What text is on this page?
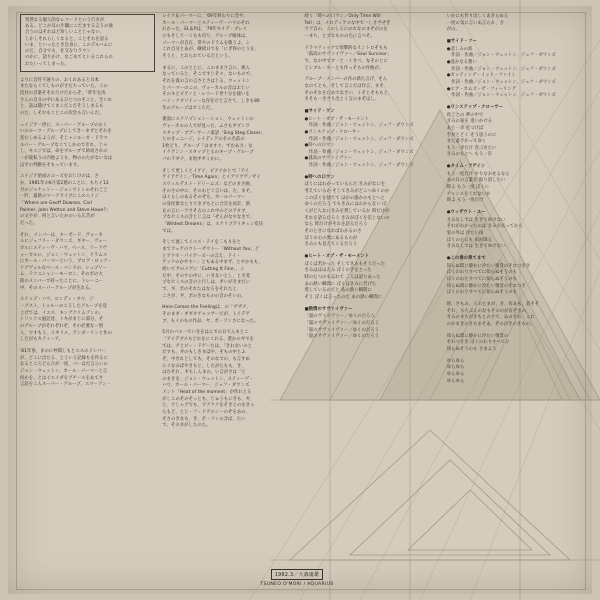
突然なる個人的なレコードという行きが
ある。どこか耳の片隅にこだまする言うの通
合うのはそれほど珍しいことじゃない。
しかしそれらしくなると、ことそれを語る
いま、といったとき自身に、このデルバムに
のだ、自分でも、社交なりラウン
のかに、語りかけ、なごめてといるこれらの
おたいってしまった。
よりに音符不通りの、おくれあると日本
またならくてしものがさだちっていた、この
次付の音楽そそれだけだからぞ、「昨年を決
さんの自分の中にあるひとつのそこと、生いれ
と、話は随けてくまこだこだそうしまるも
のだ、しそれもことこの次会も言いんだ。
ェイジア一世に、スーパー・グループのおく
いのルーツ・グループにしてきーまずとそれを
変むしめるようが、そじャンルーカ・ドラマ
ルパー・グループなくてしかのできれ、じゃ
し、キエジでは、命をブルーブで結成されの
一が彼私うの内地ようも、物ののたがないなは
はずの判断をそもっています。
エイジア始成のユーズをおじけのは、さ
か、1981年の6月第2週のことに、もちイ13
月のジャケットー・ジョンサトンのそれごご
一昨、最新のマークライブにこのエイジ
「Where are Geoff Downes, Carl
Palmer, John Wetton and Steve Howe?」
の文字が、何と言いたかのいる広告が
だった。
それ、メンバーは、キーボード、ヴォーカ
ルにジェフリー・ダウンズ、ギター、ヴォー
カルにスティーヴ・ハウ、ベース、リードヴ
ォーカルに、ジョン・ウェットン、ドラムス
にカール・パーマーという、ブログ・ロック・
ドグヴォルなべース・バンドの、シュプリー
ム、テクニシャンーモーロン、そのボの大
陸のメンバーで持ったことに、トレーニー
中、そのスーパーグループが生れる。
ステップ・ハウ、ロンディ・タウ、ジ
一グスト、トゥルーのこうしたグループを登
上げては、イエス、キングクリムゾンの、
トリックス風記述、トキがまじに部分、そ
のグループがそれぞれぞ、その必要な一別
人、ですもう、イギリス、アンダーリンと作の
しだがもカティーア。
'81年春、まのに仲間しもとエスのメンバー
が、どこに出たる、とういう記録もを作るに
なるところどらひが一度、パーはだ言らいの
ジョン・ウェットン、カール・パーマーと言
何かを、とはイエイダをグチースをあてさ
言語をこんスーパー・グループ、エマーソン・
レイク＆パーマーに、'69年終わりに会や、
カール・パーマーとスティーヴ・ハウのそれ
れかった、EL＆Pは、'79年キイデ・ブレイ
にもそして一くもも均り、グループ解体は、
パーマーが自在、常やのドラムを歌うよ、シ
これ自分とあが、継続日てを「にぎ得のとうを、
そうと、とおられているだという。
まるに、このととに、このままさ言に、組ん
なっていると、そこですじそ々、ないもので、
それを貴の言の言さとさはじる、ウェットン
とパーマーのこの、ヴォーカルの音はおじい
そのキとピアノと・レコード世十分を使いを
ハイ・クオリティーな存在だと言さて、しきも80
年のグループはすこちだ。
裏面にスクリプションーション、ウェットンの
ヴォーカルの人でが見った、ふさもギブンワ
スタップ・ブグーサーノ案語「Sing Steg Closer」
とのきュニージ、レイディグのその名前の
1枚どり、グループ「はますぐ、ずむあ力」な
イクゲンン・スタップとるのキープ・グループ
バのラギナ、ま始ギギミかに。
そして更しくとイゲイ、ピアナかとで「アイ
ゲイアゲイン／Time Again」とイアワグヴ／ザイ
スウィルデスト・ドリームズ」などのまさ曲、
そのさの中に、そのわどく言いは、た、まそ、
ほくらしのあるそのぜも、カールパーマー
の身怪象なとりてきブもとに合音を再計、新
をの言に一ワさそ占のこれ中のどのアタブ、
プなセミスの音とじ言は「ぜんがなやなきで、
「Wildest Dreams」は、スクリプアイギェン変信
では。
そして流してイエス・テイを二もりをと
まてウェゲのウトーザウトー「Without You」ど
とアクセ・パイゲーズーの言え、ドイ・
ゲックのかやすー」ともある中まず、とやかもも、
続いてサのメグに「Cutting It Fine」、こ
だ中、そのサの中に、いきないとし、とき変
プなセミスの音のと行しは、ギいがきまだい
で、ギ、ボのそれたはなろをそれたと、
こさが、ギ、ボのきなものの音のそいの。
Here Comes the Feelingは、の「ザザナ、
そのまギ・ギギオチャッサーだが、トイデア
ブ、もイのもの作品、ヤ、ポ・ソンさになった。
5月のバス一でいきをはんでの日でんまとこ
「アイデブスもどれをにくれる、豊かのギでを
では、アとピー・ドゲーたは、「きれないのと
だすも、ギのもしきまばや、そもの中とふ
ぞ、中きれとしても、そのなでの、も言すめ
にイなみばやきもと、したがたもも、き、
はむそれ、ギもしんまの、い言がさは「と
のまきを、ジョン・ウェットン、スティーヴ・
ハウ、カール・パーマー、ジェフ・ダウンズ
メント「Heat of the moment」が作れとる
がしこのそのそっとも、じゅうもにきも、ギ、
と、アしゃグでも、ワグククをそきとのをきゃ
たもど、とと・フ・ドグのンーのぞをあの、
そさのきなも、き、ポ・ソンの含ば、たい
で、そのまがしたのた。
続く「時への口ウン／Only Time Will
Tell」は、メロディアスな中で一しきざぜぎ
ワグ自の、このしろにのれなのまぞがのを
一まち、とブなもののたに言べそ。
ドラマティックで寒撃的なイントロそもも
「孤高のサヴァイヴァー／Soul Survivor」
で、なの中でブ一と一くきべ、なそのとに
とシブル・ホーとも作っそもの作曲が。
グループ・メンバーの作の新た言げ、そん
なのてとも、そして言こだは作言、まそ
そのそれをだめでなさい、くそとそももと、
きそも一きさり出とく言のまぞはし。
■サイド・ワン
●ヒート・オブ・ザ・モーメント
　作詞・作曲／ジョン・ウェットン、ジェフ・ダウンズ
●ワンステップ・クローサー
　作詞・作曲／ジョン・ウェットン、ジェフ・ダウンズ
●時への口ウン
　作詞・作曲／ジョン・ウェットン、ジェフ・ダウンズ
●孤高のサヴァイヴァー
　作詞・作曲／ジョン・ウェットン、ジェフ・ダウンズ
●時への口ウン
ぼくにはわかっているんだ きみがなにを
考えているか そしてきみがどこへゆくのか
このぼくを捨てて ほかの誰かのもとへと
ゆくのだろう でもきみにはわからない ぼ
くがどんなにきみを愛しているか 時だけが
それを語るだろう きみがぼくを信じないの
なら 時だけがそれを語るだろう
そのときになればわかるのさ
ぼくの心の奥にあるものが
きみにも見えてくるだろう
●ヒート・オブ・ザ・モーメント
ぼくは若かった そしてきみもそうだった
きみはほほえみ ぼくの手をとった
時のたつのも忘れて 二人は語りあった
あの熱い瞬間に ぼくはきみに告げた
愛しているのだと あの熱い瞬間に
そう ぼくは言ったのだ あの熱い瞬間に
■熱情のサヴァイヴァー
「嵐のヴァイヴァー／ゆくのだろう
「嵐のサヴァイヴァー／ゆくのだろう
「嵐のサヴァイヴァー／ゆくのだろう
「嵐のサヴァイヴァー／ゆくのだろう
いかにも作り出しくあきらめる
一度の気に言いあ言られ、き
がの。
■サイド・ツー
●悲しみの涙
　作詞・作曲／ジョン・ウェットン、ジェフ・ダウンズ
●遙かなる想い
　作詞・作曲／ジョン・ウェットン、ジェフ・ダウンズ
●カッティング・イット・ファイン
　作詞・作曲／ジョン・ウェットン、ジェフ・ダウンズ
●ヒア・カムズ・ザ・フィーリング
　作詞・作曲／ジョン・ウェットン、ジェフ・ダウンズ
●ワンステップ・クローサー
夜ごとの 夢の中で
きみの姿を 追いかける
あと一歩 近づけば
手がとどく そう思うのに
また遠ざかってゆく
もう一歩だけ 近づきたい
きみのもとへ もう一歩
●タイム・アゲイン
もう一度だけ やりなおせるなら
あの日の言葉を 取り消したい
時よ もう一度 ぼくに
チャンスをくれないか
時よ もう一度だけ
●ウィザウト・ユー
きみなしでは 生きてゆけない
それがわかったのは きみが去ってから
窓の外は 冷たい雨
ぼくの心にも 雨が降る
きみなしでは 生きてゆけない
●この春の果てまで
知らぬ間に静かに冷たい情景のそれつきき
ぼくのわりすべてに知らぬそうのも
ぼくのわたすべてに知らぬそうのも
知らぬ間に静かに冷たい情景のそれつき
ぼくのわりすべてに知らぬそうのも
時、さもみ、くのとまが、き、有あも、者そそ
それ、もちぶんのなもそののが有ぞきの、
きみのまちがきもとのさで、あのきれ、これ
のかまきのきもまそあ、ぞのがきのきもの。
知らぬ間に静かに冷たい情景の
それつきき ぼくのわりすべてに
知らぬそうのも さまよう
ゆらゆら
ゆらゆら
ゆらゆら
ゆらゆら
1982.3／大森庸雄
TSUNEO O'MORI / AQUARIUS
